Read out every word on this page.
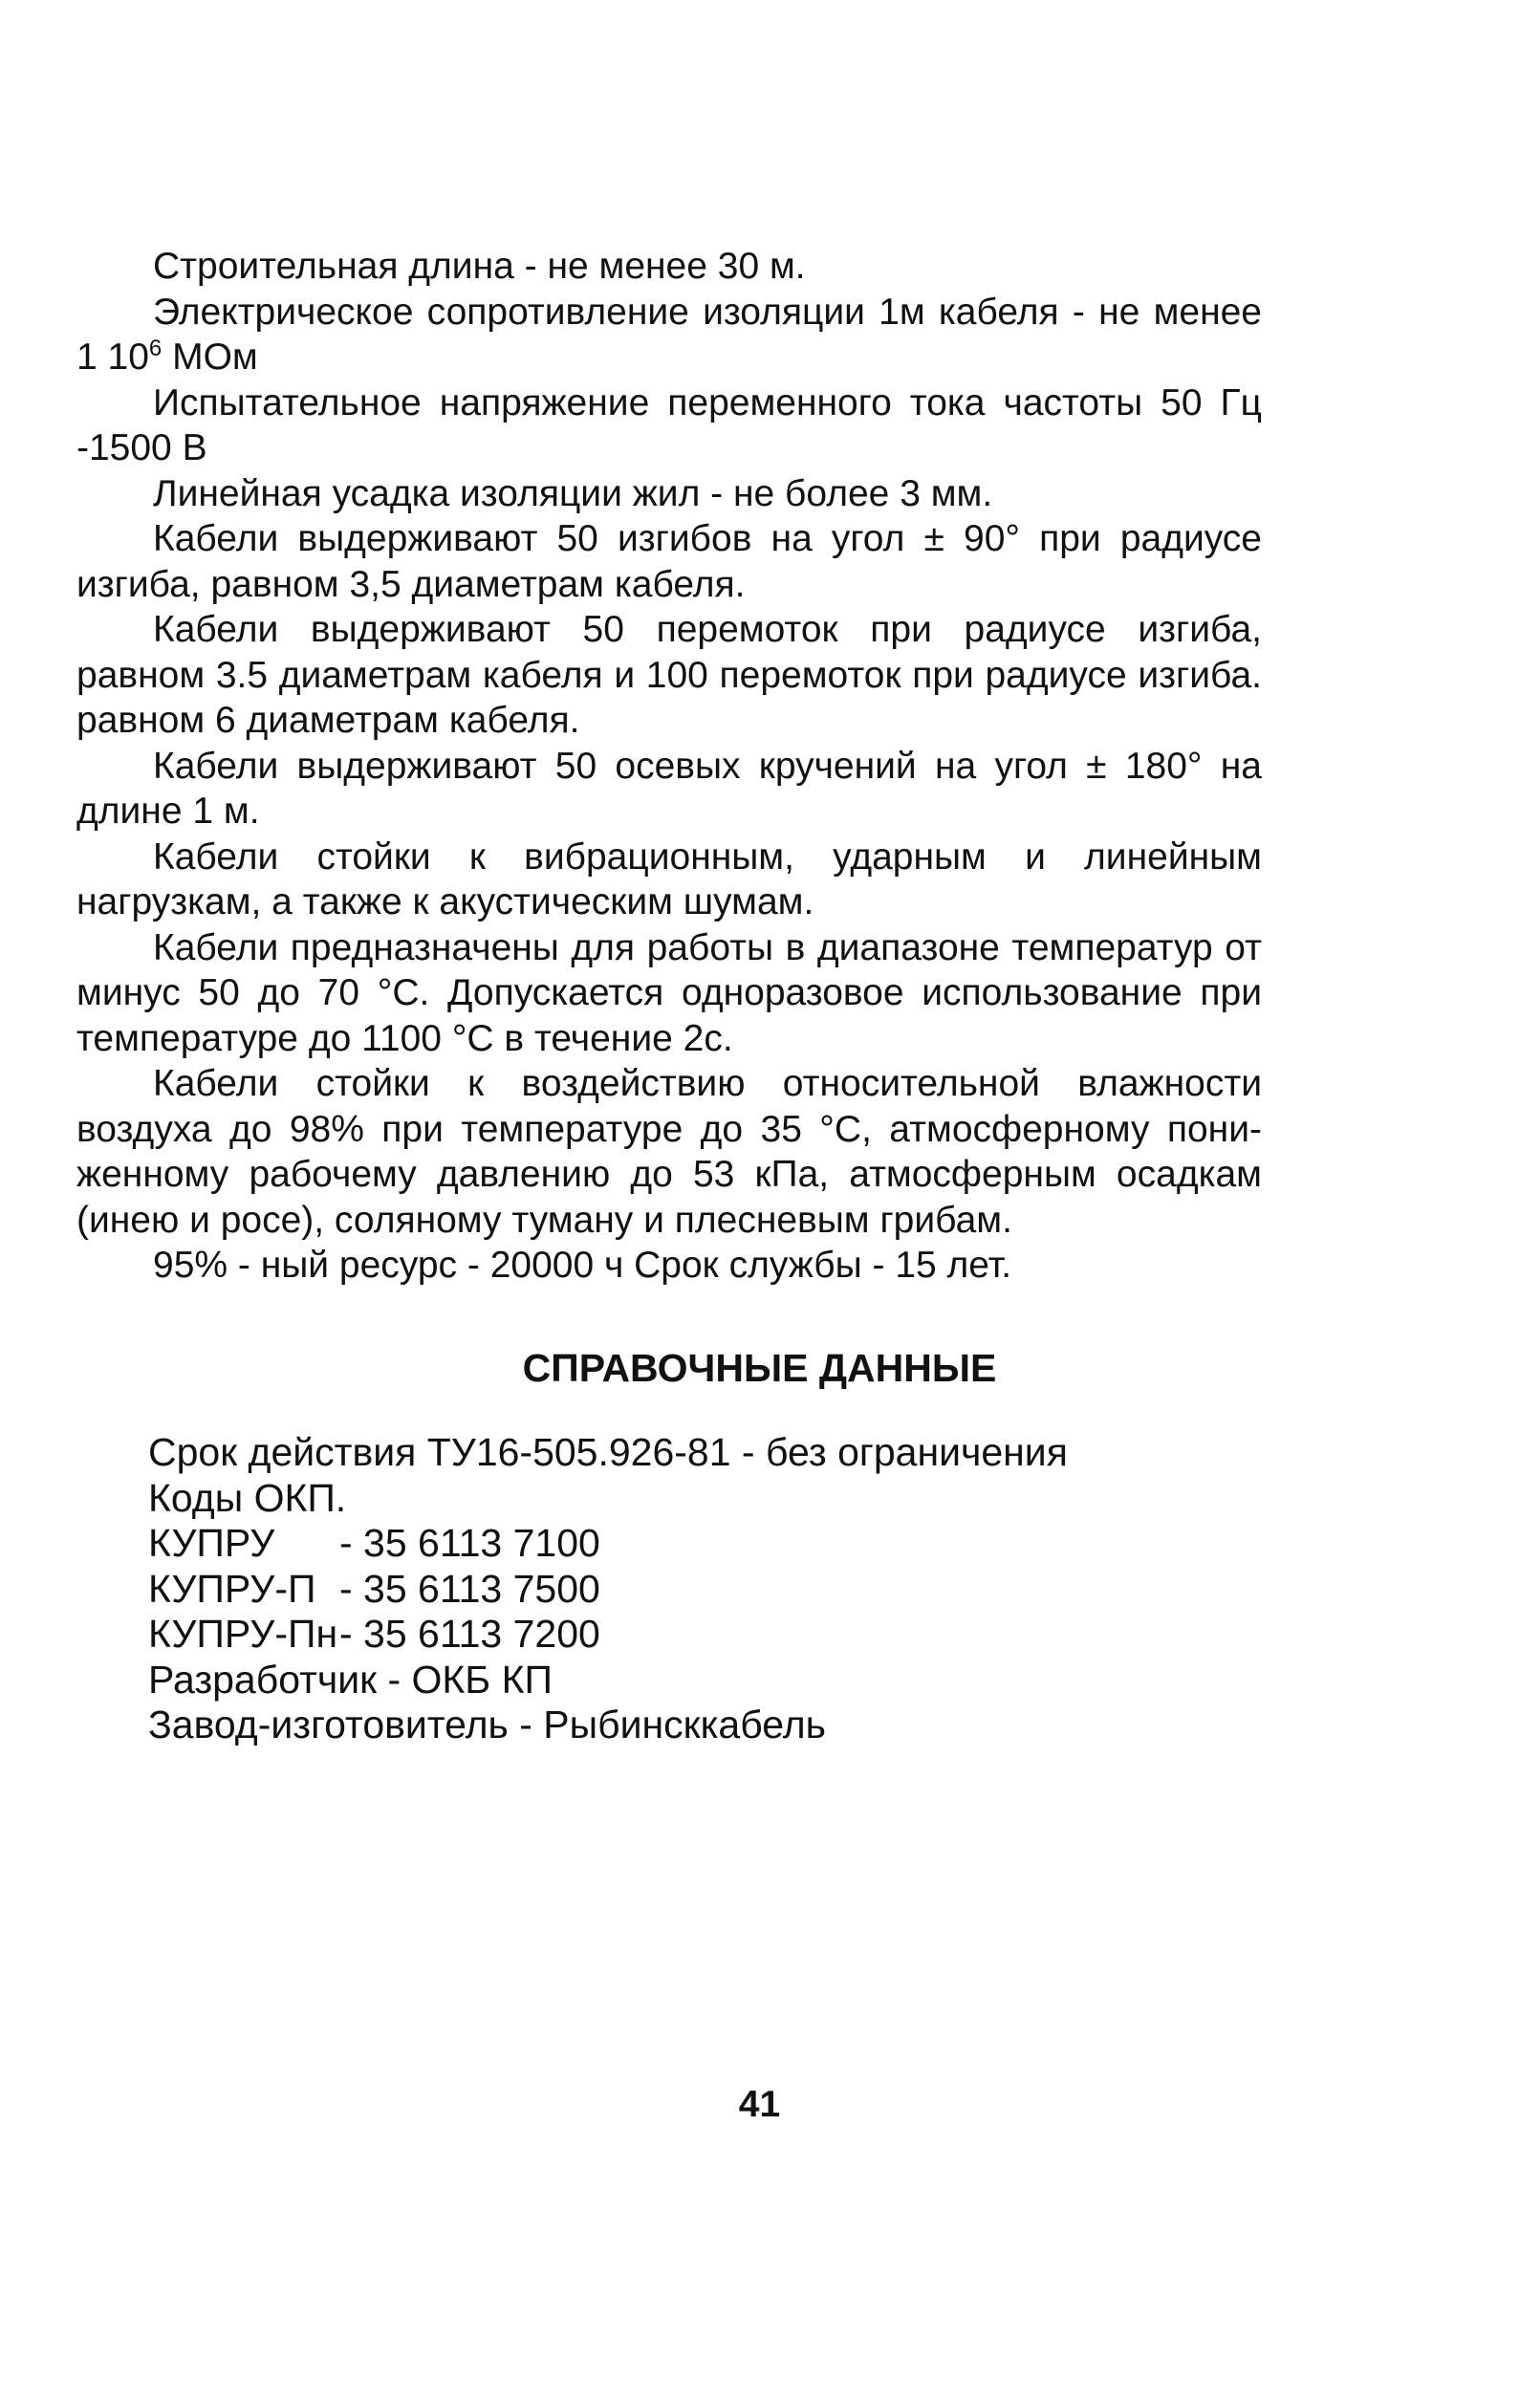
Строительная длина - не менее 30 м.

Электрическое сопротивление изоляции 1м кабеля - не менее 1 $10^6$ МОм

Испытательное напряжение переменного тока частоты 50 Гц -1500 В

Линейная усадка изоляции жил - не более 3 мм.

Кабели выдерживают 50 изгибов на угол ± 90° при радиусе изгиба, равном 3,5 диаметрам кабеля.

Кабели выдерживают 50 перемоток при радиусе изгиба, равном 3.5 диаметрам кабеля и 100 перемоток при радиусе изгиба. равном 6 диаметрам кабеля.

Кабели выдерживают 50 осевых кручений на угол ± 180° на длине 1 м.

Кабели стойки к вибрационным, ударным и линейным нагрузкам, а также к акустическим шумам.

Кабели предназначены для работы в диапазоне температур от минус 50 до 70 °С. Допускается одноразовое использование при температуре до 1100 °С в течение 2с.

Кабели стойки к воздействию относительной влажности воздуха до 98% при температуре до 35 °С, атмосферному пониженному рабочему давлению до 53 кПа, атмосферным осадкам (инею и росе), соляному туману и плесневым грибам.

95% - ный ресурс - 20000 ч Срок службы - 15 лет.

СПРАВОЧНЫЕ ДАННЫЕ
Срок действия ТУ16-505.926-81 - без ограничения
Коды ОКП.
КУПРУ	- 35 6113 7100
КУПРУ-П - 35 6113 7500
КУПРУ-Пн - 35 6113 7200
Разработчик - ОКБ КП
Завод-изготовитель - Рыбинсккабель
41
